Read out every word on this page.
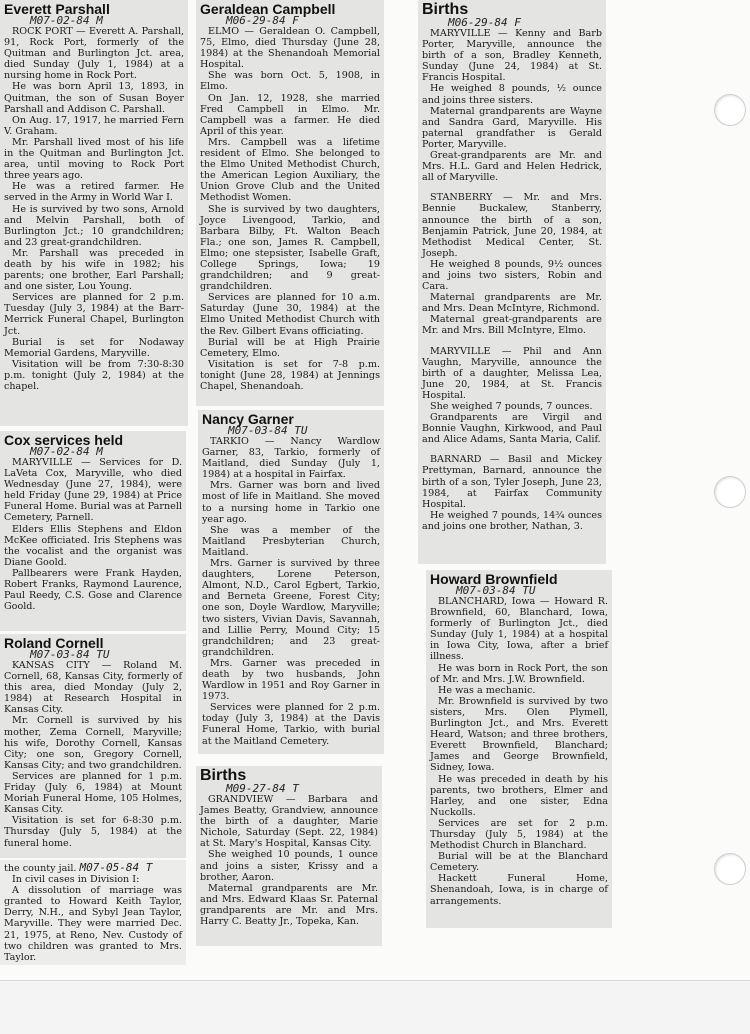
Everett Parshall
M07-02-84 M

ROCK PORT — Everett A. Parshall, 91, Rock Port, formerly of the Quitman and Burlington Jct. area, died Sunday (July 1, 1984) at a nursing home in Rock Port.

He was born April 13, 1893, in Quitman, the son of Susan Boyer Parshall and Addison C. Parshall.

On Aug. 17, 1917, he married Fern V. Graham.

Mr. Parshall lived most of his life in the Quitman and Burlington Jct. area, until moving to Rock Port three years ago.

He was a retired farmer. He served in the Army in World War I.

He is survived by two sons, Arnold and Melvin Parshall, both of Burlington Jct.; 10 grandchildren; and 23 great-grandchildren.

Mr. Parshall was preceded in death by his wife in 1982; his parents; one brother, Earl Parshall; and one sister, Lou Young.

Services are planned for 2 p.m. Tuesday (July 3, 1984) at the Barr-Merrick Funeral Chapel, Burlington Jct.

Burial is set for Nodaway Memorial Gardens, Maryville.

Visitation will be from 7:30-8:30 p.m. tonight (July 2, 1984) at the chapel.

Cox services held
M07-02-84 M

MARYVILLE — Services for D. LaVeta Cox, Maryville, who died Wednesday (June 27, 1984), were held Friday (June 29, 1984) at Price Funeral Home. Burial was at Parnell Cemetery, Parnell.

Elders Ellis Stephens and Eldon McKee officiated. Iris Stephens was the vocalist and the organist was Diane Goold.

Pallbearers were Frank Hayden, Robert Franks, Raymond Laurence, Paul Reedy, C.S. Gose and Clarence Goold.

Roland Cornell
M07-03-84 TU

KANSAS CITY — Roland M. Cornell, 68, Kansas City, formerly of this area, died Monday (July 2, 1984) at Research Hospital in Kansas City.

Mr. Cornell is survived by his mother, Zema Cornell, Maryville; his wife, Dorothy Cornell, Kansas City; one son, Gregory Cornell, Kansas City; and two grandchildren.

Services are planned for 1 p.m. Friday (July 6, 1984) at Mount Moriah Funeral Home, 105 Holmes, Kansas City.

Visitation is set for 6-8:30 p.m. Thursday (July 5, 1984) at the funeral home.

the county jail. M07-05-84 T

In civil cases in Division I:

A dissolution of marriage was granted to Howard Keith Taylor, Derry, N.H., and Sybyl Jean Taylor, Maryville. They were married Dec. 21, 1975, at Reno, Nev. Custody of two children was granted to Mrs. Taylor.

Geraldean Campbell
M06-29-84 F

ELMO — Geraldean O. Campbell, 75, Elmo, died Thursday (June 28, 1984) at the Shenandoah Memorial Hospital.

She was born Oct. 5, 1908, in Elmo.

On Jan. 12, 1928, she married Fred Campbell in Elmo. Mr. Campbell was a farmer. He died April of this year.

Mrs. Campbell was a lifetime resident of Elmo. She belonged to the Elmo United Methodist Church, the American Legion Auxiliary, the Union Grove Club and the United Methodist Women.

She is survived by two daughters, Joyce Livengood, Tarkio, and Barbara Bilby, Ft. Walton Beach Fla.; one son, James R. Campbell, Elmo; one stepsister, Isabelle Graft, College Springs, Iowa; 19 grandchildren; and 9 great-grandchildren.

Services are planned for 10 a.m. Saturday (June 30, 1984) at the Elmo United Methodist Church with the Rev. Gilbert Evans officiating.

Burial will be at High Prairie Cemetery, Elmo.

Visitation is set for 7-8 p.m. tonight (June 28, 1984) at Jennings Chapel, Shenandoah.

Nancy Garner
M07-03-84 TU

TARKIO — Nancy Wardlow Garner, 83, Tarkio, formerly of Maitland, died Sunday (July 1, 1984) at a hospital in Fairfax.

Mrs. Garner was born and lived most of life in Maitland. She moved to a nursing home in Tarkio one year ago.

She was a member of the Maitland Presbyterian Church, Maitland.

Mrs. Garner is survived by three daughters, Lorene Peterson, Almont, N.D., Carol Egbert, Tarkio, and Berneta Greene, Forest City; one son, Doyle Wardlow, Maryville; two sisters, Vivian Davis, Savannah, and Lillie Perry, Mound City; 15 grandchildren; and 23 great-grandchildren.

Mrs. Garner was preceded in death by two husbands, John Wardlow in 1951 and Roy Garner in 1973.

Services were planned for 2 p.m. today (July 3, 1984) at the Davis Funeral Home, Tarkio, with burial at the Maitland Cemetery.

Births
M09-27-84 T

GRANDVIEW — Barbara and James Beatty, Grandview, announce the birth of a daughter, Marie Nichole, Saturday (Sept. 22, 1984) at St. Mary's Hospital, Kansas City.

She weighed 10 pounds, 1 ounce and joins a sister, Krissy and a brother, Aaron.

Maternal grandparents are Mr. and Mrs. Edward Klaas Sr. Paternal grandparents are Mr. and Mrs. Harry C. Beatty Jr., Topeka, Kan.

Births
M06-29-84 F

MARYVILLE — Kenny and Barb Porter, Maryville, announce the birth of a son, Bradley Kenneth, Sunday (June 24, 1984) at St. Francis Hospital.

He weighed 8 pounds, ½ ounce and joins three sisters.

Maternal grandparents are Wayne and Sandra Gard, Maryville. His paternal grandfather is Gerald Porter, Maryville.

Great-grandparents are Mr. and Mrs. H.L. Gard and Helen Hedrick, all of Maryville.

STANBERRY — Mr. and Mrs. Bennie Buckalew, Stanberry, announce the birth of a son, Benjamin Patrick, June 20, 1984, at Methodist Medical Center, St. Joseph.

He weighed 8 pounds, 9½ ounces and joins two sisters, Robin and Cara.

Maternal grandparents are Mr. and Mrs. Dean McIntyre, Richmond.

Maternal great-grandparents are Mr. and Mrs. Bill McIntyre, Elmo.

MARYVILLE — Phil and Ann Vaughn, Maryville, announce the birth of a daughter, Melissa Lea, June 20, 1984, at St. Francis Hospital.

She weighed 7 pounds, 7 ounces.

Grandparents are Virgil and Bonnie Vaughn, Kirkwood, and Paul and Alice Adams, Santa Maria, Calif.

BARNARD — Basil and Mickey Prettyman, Barnard, announce the birth of a son, Tyler Joseph, June 23, 1984, at Fairfax Community Hospital.

He weighed 7 pounds, 14¾ ounces and joins one brother, Nathan, 3.

Howard Brownfield
M07-03-84 TU

BLANCHARD, Iowa — Howard R. Brownfield, 60, Blanchard, Iowa, formerly of Burlington Jct., died Sunday (July 1, 1984) at a hospital in Iowa City, Iowa, after a brief illness.

He was born in Rock Port, the son of Mr. and Mrs. J.W. Brownfield.

He was a mechanic.

Mr. Brownfield is survived by two sisters, Mrs. Olen Plymell, Burlington Jct., and Mrs. Everett Heard, Watson; and three brothers, Everett Brownfield, Blanchard; James and George Brownfield, Sidney, Iowa.

He was preceded in death by his parents, two brothers, Elmer and Harley, and one sister, Edna Nuckolls.

Services are set for 2 p.m. Thursday (July 5, 1984) at the Methodist Church in Blanchard.

Burial will be at the Blanchard Cemetery.

Hackett Funeral Home, Shenandoah, Iowa, is in charge of arrangements.
